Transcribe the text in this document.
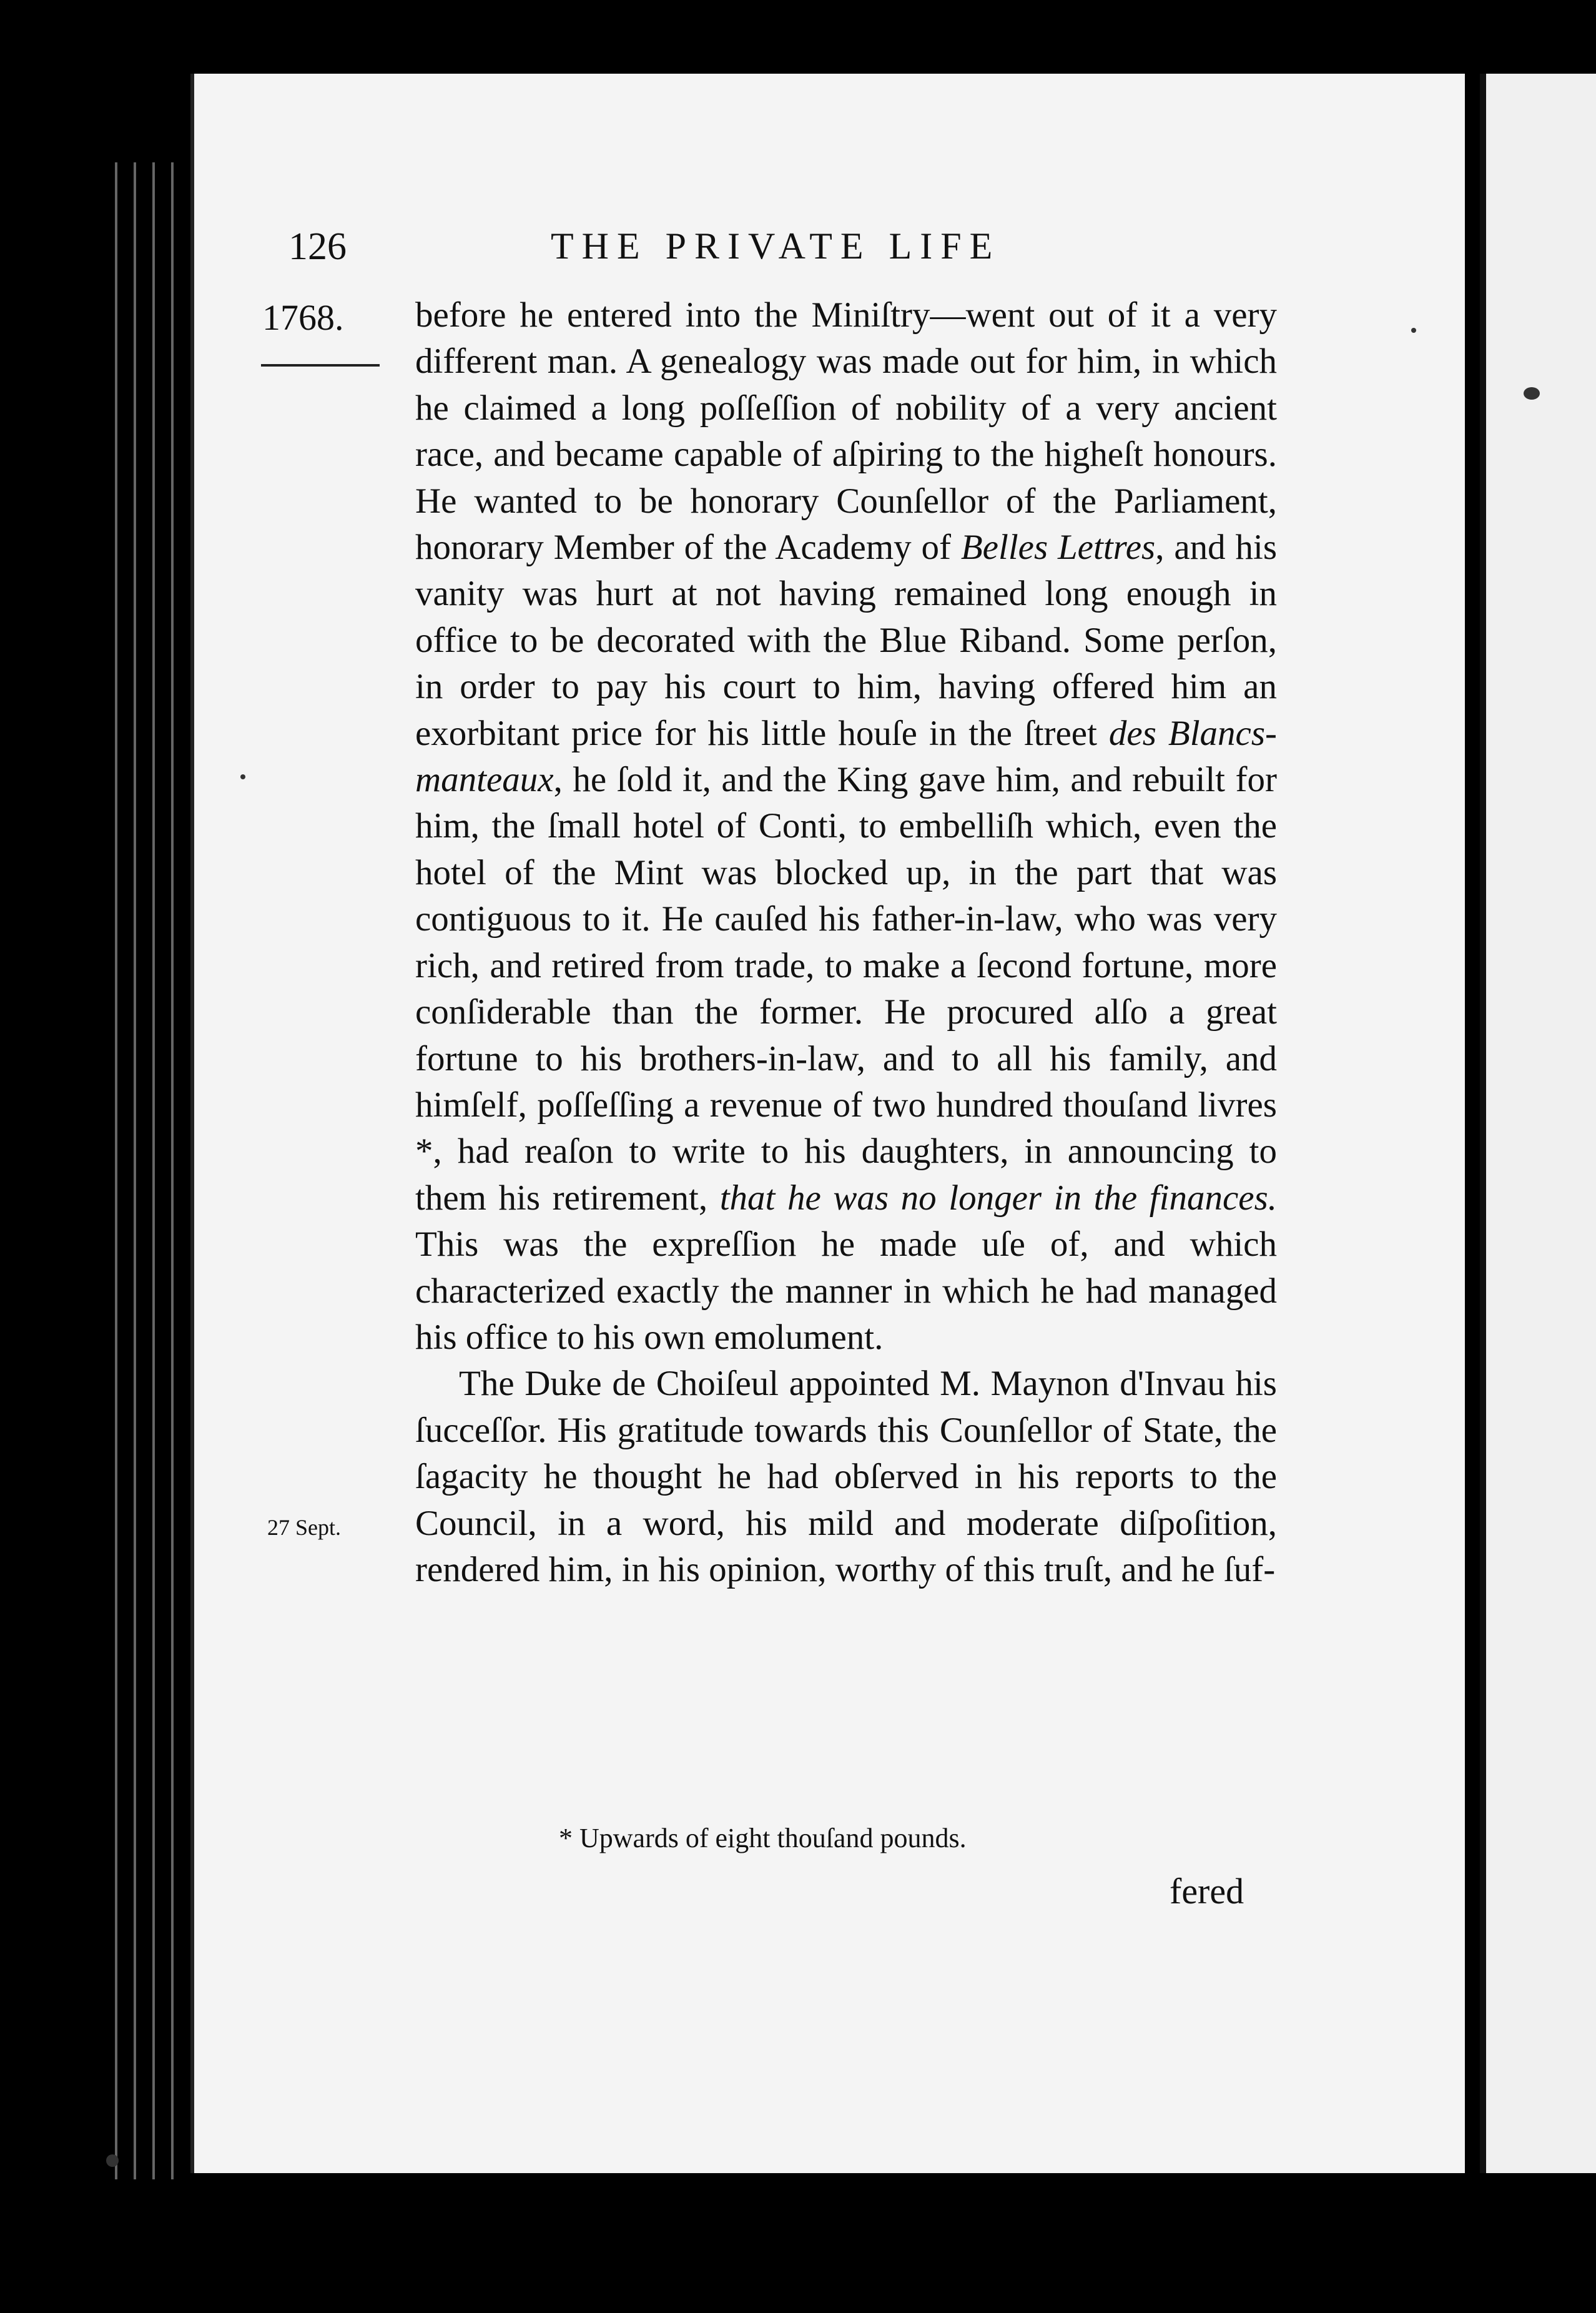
126	THE PRIVATE LIFE
1768.
27 Sept.

before he entered into the Miniſtry—went out of it a very different man. A genealogy was made out for him, in which he claimed a long poſſeſſion of nobility of a very ancient race, and became capable of aſpiring to the higheſt honours. He wanted to be honorary Counſellor of the Parliament, honorary Member of the Academy of Belles Lettres, and his vanity was hurt at not having remained long enough in office to be decorated with the Blue Riband. Some perſon, in order to pay his court to him, having offered him an exorbitant price for his little houſe in the ſtreet des Blancs-manteaux, he ſold it, and the King gave him, and rebuilt for him, the ſmall hotel of Conti, to embelliſh which, even the hotel of the Mint was blocked up, in the part that was contiguous to it. He cauſed his father-in-law, who was very rich, and retired from trade, to make a ſecond fortune, more conſiderable than the former. He procured alſo a great fortune to his brothers-in-law, and to all his family, and himſelf, poſſeſſing a revenue of two hundred thouſand livres *, had reaſon to write to his daughters, in announcing to them his retirement, that he was no longer in the finances. This was the expreſſion he made uſe of, and which characterized exactly the manner in which he had managed his office to his own emolument.

The Duke de Choiſeul appointed M. Maynon d'Invau his ſucceſſor. His gratitude towards this Counſellor of State, the ſagacity he thought he had obſerved in his reports to the Council, in a word, his mild and moderate diſpoſition, rendered him, in his opinion, worthy of this truſt, and he ſuf-

* Upwards of eight thouſand pounds.
fered
